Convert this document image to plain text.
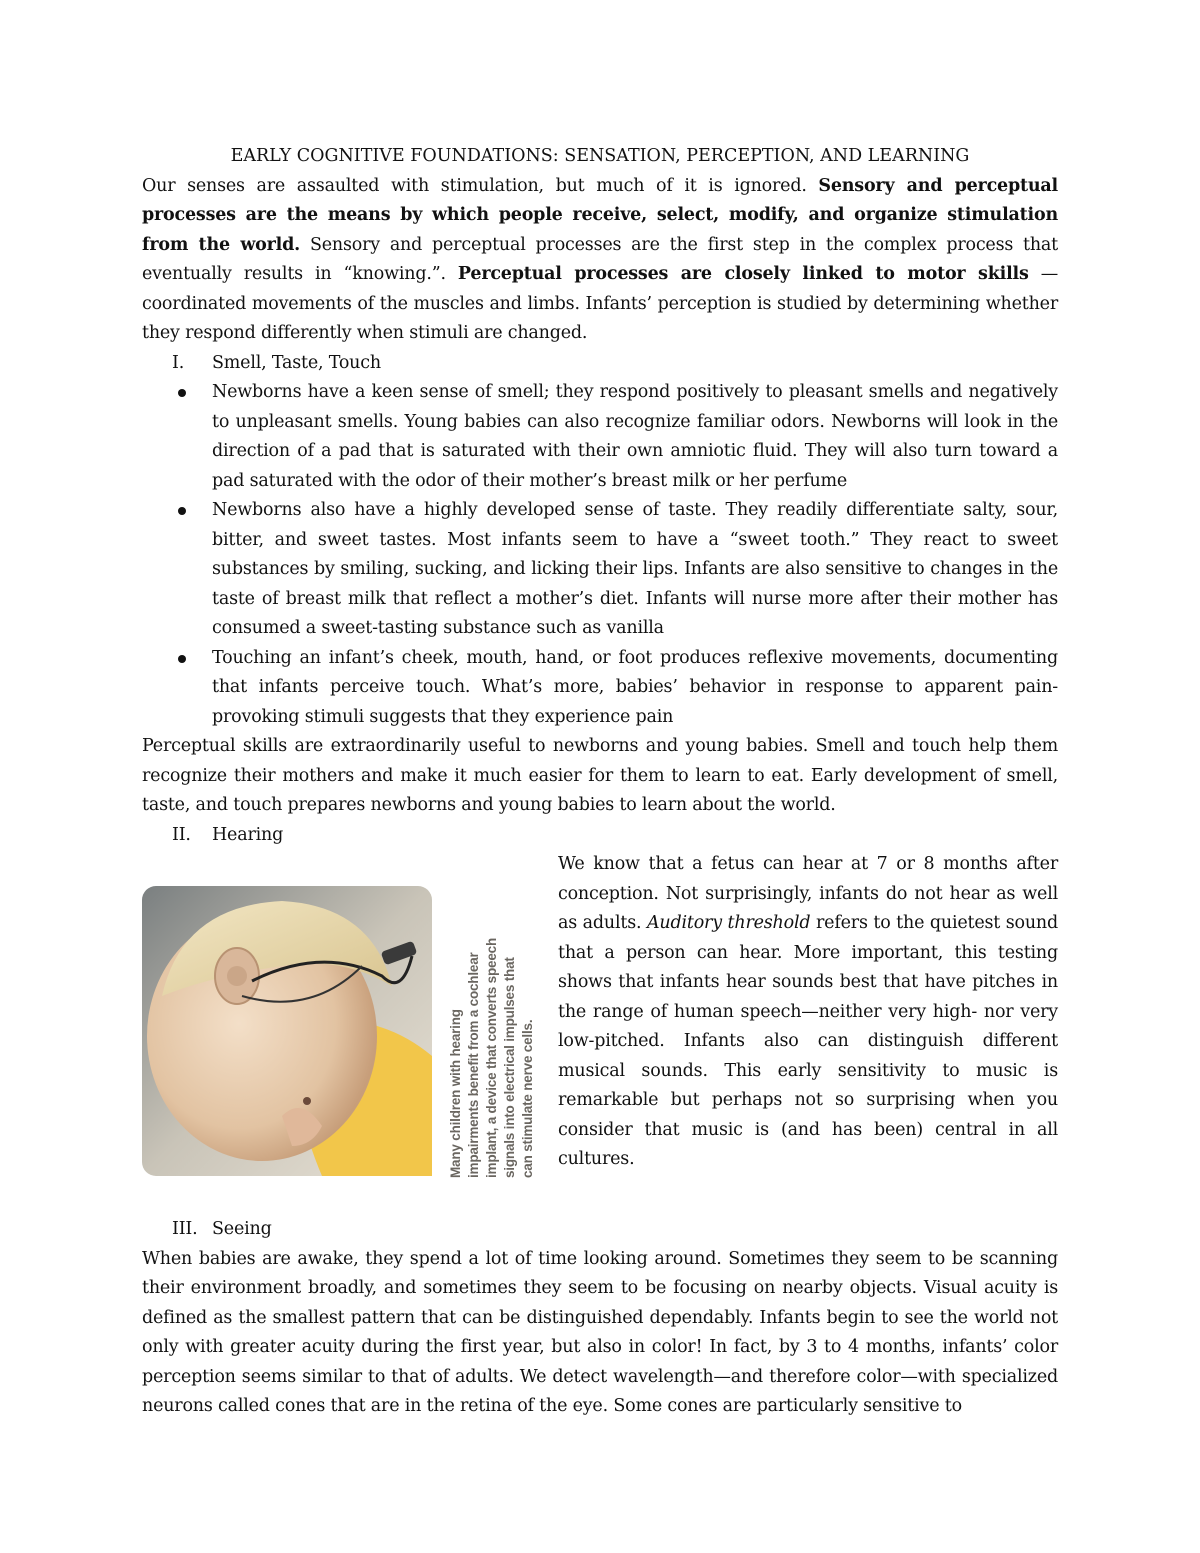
EARLY COGNITIVE FOUNDATIONS: SENSATION, PERCEPTION, AND LEARNING

Our senses are assaulted with stimulation, but much of it is ignored. Sensory and perceptual processes are the means by which people receive, select, modify, and organize stimulation from the world. Sensory and perceptual processes are the first step in the complex process that eventually results in “knowing.”. Perceptual processes are closely linked to motor skills — coordinated movements of the muscles and limbs. Infants’ perception is studied by determining whether they respond differently when stimuli are changed.

I.	Smell, Taste, Touch
Newborns have a keen sense of smell; they respond positively to pleasant smells and negatively to unpleasant smells. Young babies can also recognize familiar odors. Newborns will look in the direction of a pad that is saturated with their own amniotic fluid. They will also turn toward a pad saturated with the odor of their mother’s breast milk or her perfume
Newborns also have a highly developed sense of taste. They readily differentiate salty, sour, bitter, and sweet tastes. Most infants seem to have a “sweet tooth.” They react to sweet substances by smiling, sucking, and licking their lips. Infants are also sensitive to changes in the taste of breast milk that reflect a mother’s diet. Infants will nurse more after their mother has consumed a sweet-tasting substance such as vanilla
Touching an infant’s cheek, mouth, hand, or foot produces reflexive movements, documenting that infants perceive touch. What’s more, babies’ behavior in response to apparent pain-provoking stimuli suggests that they experience pain

Perceptual skills are extraordinarily useful to newborns and young babies. Smell and touch help them recognize their mothers and make it much easier for them to learn to eat. Early development of smell, taste, and touch prepares newborns and young babies to learn about the world.

II.	Hearing
Many children with hearing impairments benefit from a cochlear implant, a device that converts speech signals into electrical impulses that can stimulate nerve cells.

We know that a fetus can hear at 7 or 8 months after conception. Not surprisingly, infants do not hear as well as adults. Auditory threshold refers to the quietest sound that a person can hear. More important, this testing shows that infants hear sounds best that have pitches in the range of human speech—neither very high- nor very low-pitched. Infants also can distinguish different musical sounds. This early sensitivity to music is remarkable but perhaps not so surprising when you consider that music is (and has been) central in all cultures.

III. Seeing

When babies are awake, they spend a lot of time looking around. Sometimes they seem to be scanning their environment broadly, and sometimes they seem to be focusing on nearby objects. Visual acuity is defined as the smallest pattern that can be distinguished dependably. Infants begin to see the world not only with greater acuity during the first year, but also in color! In fact, by 3 to 4 months, infants’ color perception seems similar to that of adults. We detect wavelength—and therefore color—with specialized neurons called cones that are in the retina of the eye. Some cones are particularly sensitive to
